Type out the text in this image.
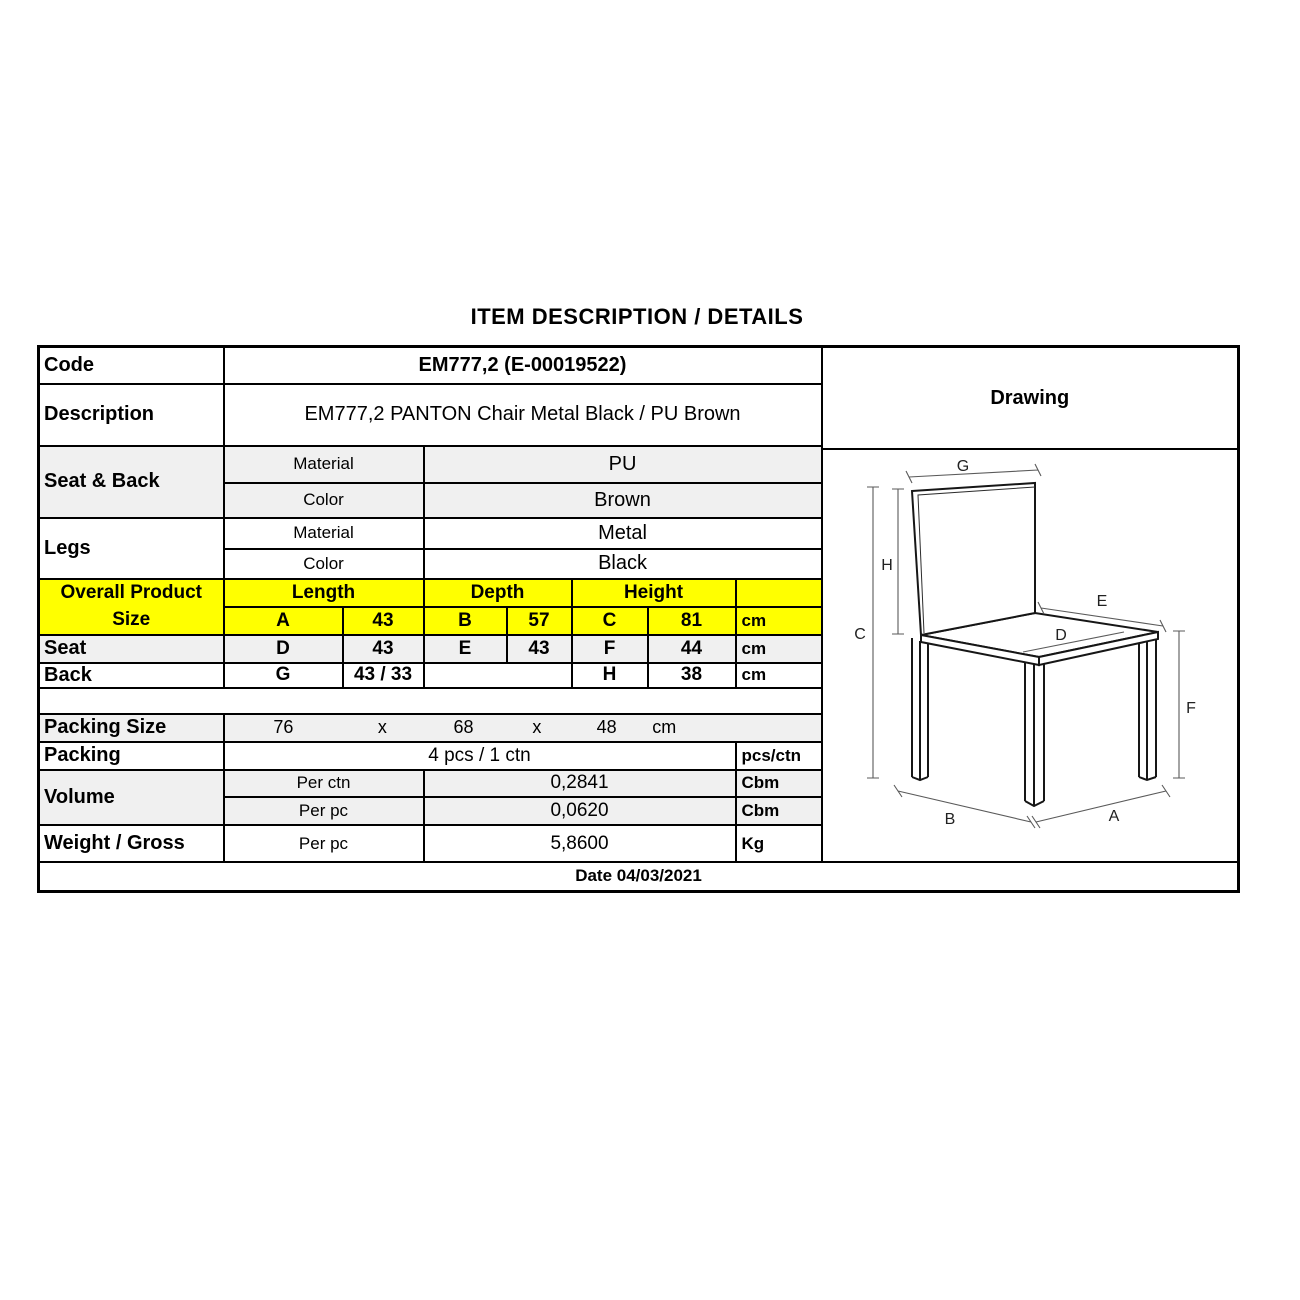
ITEM DESCRIPTION / DETAILS
Code	EM777,2 (E-00019522)	
Drawing
G
H
C	D
E
F
B	A

Description	EM777,2 PANTON Chair Metal Black / PU Brown							
Seat & Back	Material		PU					
	Color		Brown					
Legs	Material		Metal					
	Color		Black					
Overall Product Size	Length		Depth		Height			
	A	43	B	57	C	81	cm	
Seat	D	43	E	43	F	44	cm	
Back	G	43 / 33			H	38	cm	

Packing Size	76	x	68	x	48	cm

Packing	4 pcs / 1 ctn						pcs/ctn	
Volume	Per ctn		0,2841				Cbm	
	Per pc		0,0620				Cbm	
Weight / Gross	Per pc		5,8600				Kg	
Date 04/03/2021								
